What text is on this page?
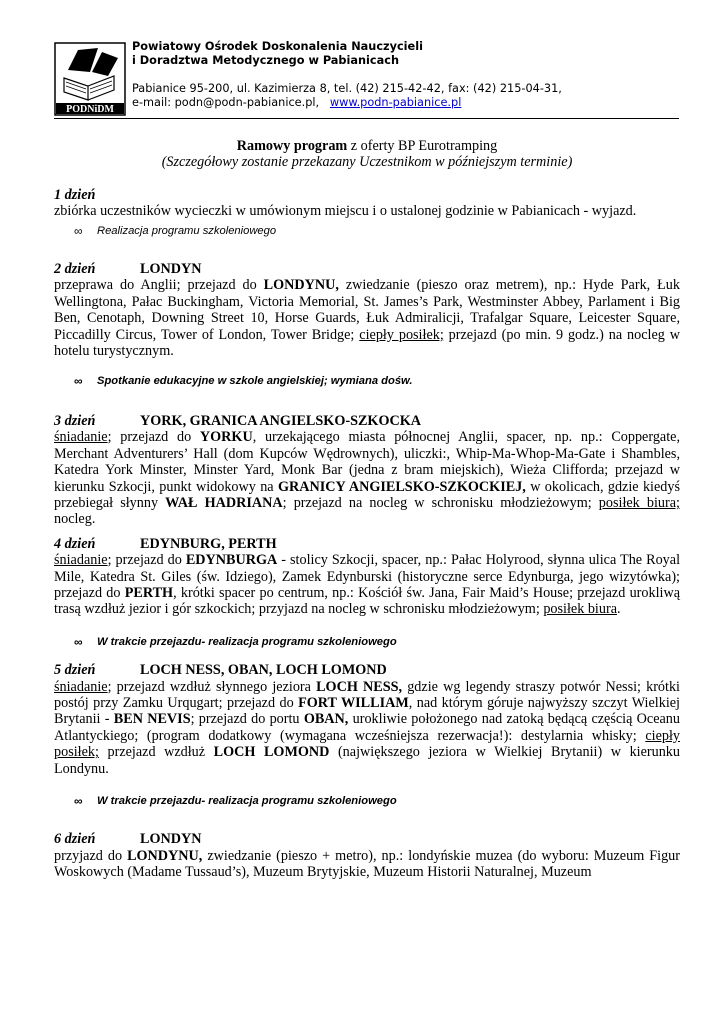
PODNiDM
Powiatowy Ośrodek Doskonalenia Nauczycieli
i Doradztwa Metodycznego w Pabianicach
Pabianice 95-200, ul. Kazimierza 8, tel. (42) 215-42-42, fax: (42) 215-04-31,
e-mail: podn@podn-pabianice.pl, www.podn-pabianice.pl
Ramowy program z oferty BP Eurotramping
(Szczegółowy zostanie przekazany Uczestnikom w późniejszym terminie)
1 dzień
zbiórka uczestników wycieczki w umówionym miejscu i o ustalonej godzinie w Pabianicach - wyjazd.
∞	Realizacja programu szkoleniowego
2 dzień	LONDYN
przeprawa do Anglii; przejazd do LONDYNU, zwiedzanie (pieszo oraz metrem), np.: Hyde Park, Łuk Wellingtona, Pałac Buckingham, Victoria Memorial, St. James’s Park, Westminster Abbey, Parlament i Big Ben, Cenotaph, Downing Street 10, Horse Guards, Łuk Admiralicji, Trafalgar Square, Leicester Square, Piccadilly Circus, Tower of London, Tower Bridge; ciepły posiłek; przejazd (po min. 9 godz.) na nocleg w hotelu turystycznym.
∞	Spotkanie edukacyjne w szkole angielskiej; wymiana dośw.
3 dzień	YORK, GRANICA ANGIELSKO-SZKOCKA
śniadanie; przejazd do YORKU, urzekającego miasta północnej Anglii, spacer, np. np.: Coppergate, Merchant Adventurers’ Hall (dom Kupców Wędrownych), uliczki:, Whip-Ma-Whop-Ma-Gate i Shambles, Katedra York Minster, Minster Yard, Monk Bar (jedna z bram miejskich), Wieża Clifforda; przejazd w kierunku Szkocji, punkt widokowy na GRANICY ANGIELSKO-SZKOCKIEJ, w okolicach, gdzie kiedyś przebiegał słynny WAŁ HADRIANA; przejazd na nocleg w schronisku młodzieżowym; posiłek biura; nocleg.
4 dzień	EDYNBURG, PERTH
śniadanie; przejazd do EDYNBURGA - stolicy Szkocji, spacer, np.: Pałac Holyrood, słynna ulica The Royal Mile, Katedra St. Giles (św. Idziego), Zamek Edynburski (historyczne serce Edynburga, jego wizytówka); przejazd do PERTH, krótki spacer po centrum, np.: Kościół św. Jana, Fair Maid’s House; przejazd urokliwą trasą wzdłuż jezior i gór szkockich; przyjazd na nocleg w schronisku młodzieżowym; posiłek biura.
∞	W trakcie przejazdu- realizacja programu szkoleniowego
5 dzień	LOCH NESS, OBAN, LOCH LOMOND
śniadanie; przejazd wzdłuż słynnego jeziora LOCH NESS, gdzie wg legendy straszy potwór Nessi; krótki postój przy Zamku Urqugart; przejazd do FORT WILLIAM, nad którym góruje najwyższy szczyt Wielkiej Brytanii - BEN NEVIS; przejazd do portu OBAN, urokliwie położonego nad zatoką będącą częścią Oceanu Atlantyckiego; (program dodatkowy (wymagana wcześniejsza rezerwacja!): destylarnia whisky; ciepły posiłek; przejazd wzdłuż LOCH LOMOND (największego jeziora w Wielkiej Brytanii) w kierunku Londynu.
∞	W trakcie przejazdu- realizacja programu szkoleniowego
6 dzień	LONDYN
przyjazd do LONDYNU, zwiedzanie (pieszo + metro), np.: londyńskie muzea (do wyboru: Muzeum Figur Woskowych (Madame Tussaud’s), Muzeum Brytyjskie, Muzeum Historii Naturalnej, Muzeum
